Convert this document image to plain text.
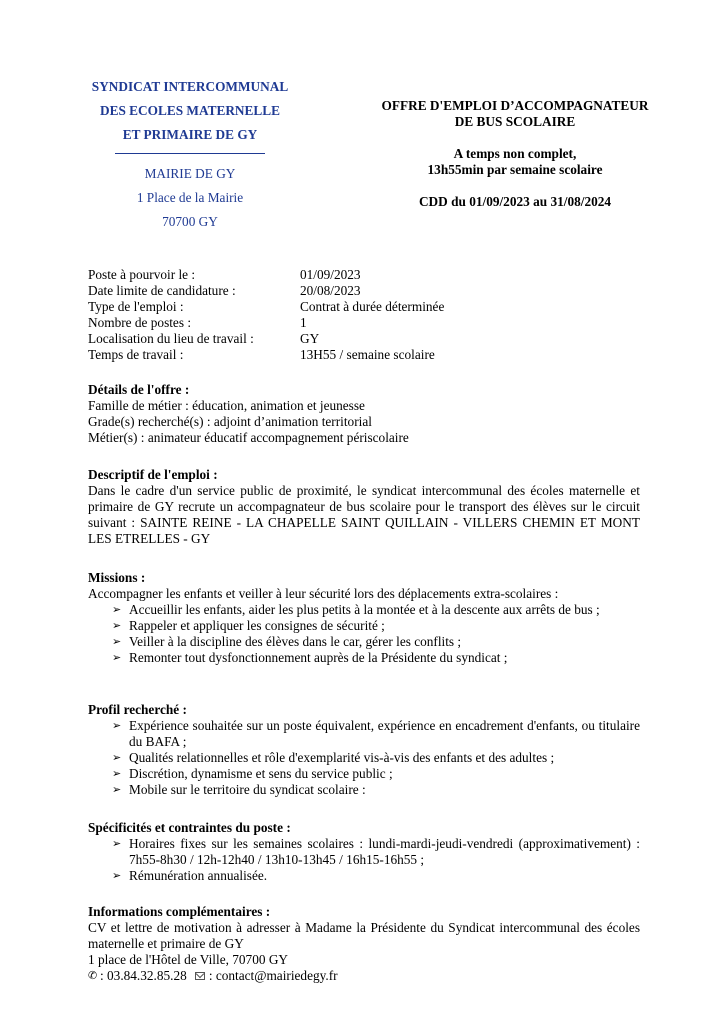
SYNDICAT INTERCOMMUNAL
DES ECOLES MATERNELLE
ET PRIMAIRE DE GY
MAIRIE DE GY
1 Place de la Mairie
70700 GY
OFFRE D'EMPLOI D’ACCOMPAGNATEUR
DE BUS SCOLAIRE
A temps non complet,
13h55min par semaine scolaire
CDD du 01/09/2023 au 31/08/2024
Poste à pourvoir le :	01/09/2023
Date limite de candidature :	20/08/2023
Type de l'emploi :	Contrat à durée déterminée
Nombre de postes :	1
Localisation du lieu de travail :	GY
Temps de travail :	13H55 / semaine scolaire
Détails de l'offre :
Famille de métier : éducation, animation et jeunesse
Grade(s) recherché(s) : adjoint d’animation territorial
Métier(s) : animateur éducatif accompagnement périscolaire
Descriptif de l'emploi :
Dans le cadre d'un service public de proximité, le syndicat intercommunal des écoles maternelle et primaire de GY recrute un accompagnateur de bus scolaire pour le transport des élèves sur le circuit suivant : SAINTE REINE - LA CHAPELLE SAINT QUILLAIN - VILLERS CHEMIN ET MONT LES ETRELLES - GY
Missions :
Accompagner les enfants et veiller à leur sécurité lors des déplacements extra-scolaires :
➢ Accueillir les enfants, aider les plus petits à la montée et à la descente aux arrêts de bus ;
➢ Rappeler et appliquer les consignes de sécurité ;
➢ Veiller à la discipline des élèves dans le car, gérer les conflits ;
➢ Remonter tout dysfonctionnement auprès de la Présidente du syndicat ;
Profil recherché :
➢ Expérience souhaitée sur un poste équivalent, expérience en encadrement d'enfants, ou titulaire du BAFA ;
➢ Qualités relationnelles et rôle d'exemplarité vis-à-vis des enfants et des adultes ;
➢ Discrétion, dynamisme et sens du service public ;
➢ Mobile sur le territoire du syndicat scolaire :
Spécificités et contraintes du poste :
➢ Horaires fixes sur les semaines scolaires : lundi-mardi-jeudi-vendredi (approximativement) : 7h55-8h30 / 12h-12h40 / 13h10-13h45 / 16h15-16h55 ;
➢ Rémunération annualisée.
Informations complémentaires :
CV et lettre de motivation à adresser à Madame la Présidente du Syndicat intercommunal des écoles maternelle et primaire de GY
1 place de l'Hôtel de Ville, 70700 GY
✆ : 03.84.32.85.28 : contact@mairiedegy.fr
